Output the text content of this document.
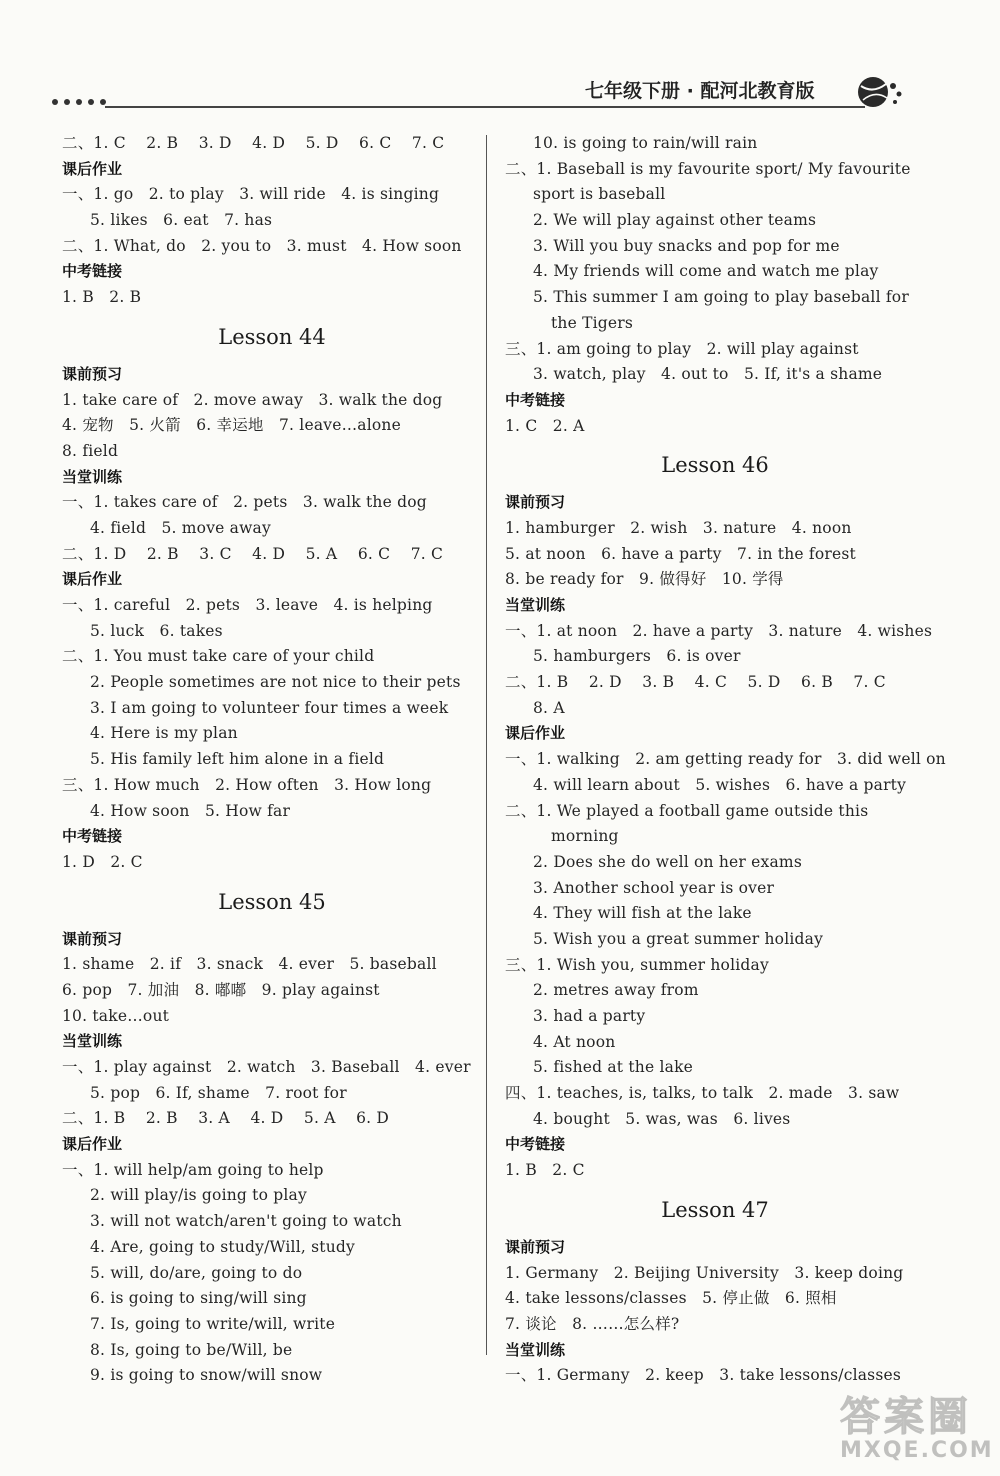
七年级下册 · 配河北教育版
二、1. C    2. B    3. D    4. D    5. D    6. C    7. C
课后作业
一、1. go   2. to play   3. will ride   4. is singing
5. likes   6. eat   7. has
二、1. What, do   2. you to   3. must   4. How soon
中考链接
1. B   2. B
Lesson 44
课前预习
1. take care of   2. move away   3. walk the dog
4. 宠物   5. 火箭   6. 幸运地   7. leave…alone
8. field
当堂训练
一、1. takes care of   2. pets   3. walk the dog
4. field   5. move away
二、1. D    2. B    3. C    4. D    5. A    6. C    7. C
课后作业
一、1. careful   2. pets   3. leave   4. is helping
5. luck   6. takes
二、1. You must take care of your child
2. People sometimes are not nice to their pets
3. I am going to volunteer four times a week
4. Here is my plan
5. His family left him alone in a field
三、1. How much   2. How often   3. How long
4. How soon   5. How far
中考链接
1. D   2. C
Lesson 45
课前预习
1. shame   2. if   3. snack   4. ever   5. baseball
6. pop   7. 加油   8. 嘟嘟   9. play against
10. take…out
当堂训练
一、1. play against   2. watch   3. Baseball   4. ever
5. pop   6. If, shame   7. root for
二、1. B    2. B    3. A    4. D    5. A    6. D
课后作业
一、1. will help/am going to help
2. will play/is going to play
3. will not watch/aren't going to watch
4. Are, going to study/Will, study
5. will, do/are, going to do
6. is going to sing/will sing
7. Is, going to write/will, write
8. Is, going to be/Will, be
9. is going to snow/will snow
10. is going to rain/will rain
二、1. Baseball is my favourite sport/ My favourite
sport is baseball
2. We will play against other teams
3. Will you buy snacks and pop for me
4. My friends will come and watch me play
5. This summer I am going to play baseball for
the Tigers
三、1. am going to play   2. will play against
3. watch, play   4. out to   5. If, it's a shame
中考链接
1. C   2. A
Lesson 46
课前预习
1. hamburger   2. wish   3. nature   4. noon
5. at noon   6. have a party   7. in the forest
8. be ready for   9. 做得好   10. 学得
当堂训练
一、1. at noon   2. have a party   3. nature   4. wishes
5. hamburgers   6. is over
二、1. B    2. D    3. B    4. C    5. D    6. B    7. C
8. A
课后作业
一、1. walking   2. am getting ready for   3. did well on
4. will learn about   5. wishes   6. have a party
二、1. We played a football game outside this
morning
2. Does she do well on her exams
3. Another school year is over
4. They will fish at the lake
5. Wish you a great summer holiday
三、1. Wish you, summer holiday
2. metres away from
3. had a party
4. At noon
5. fished at the lake
四、1. teaches, is, talks, to talk   2. made   3. saw
4. bought   5. was, was   6. lives
中考链接
1. B   2. C
Lesson 47
课前预习
1. Germany   2. Beijing University   3. keep doing
4. take lessons/classes   5. 停止做   6. 照相
7. 谈论   8. ……怎么样?
当堂训练
一、1. Germany   2. keep   3. take lessons/classes
答案圈
MXQE.COM
